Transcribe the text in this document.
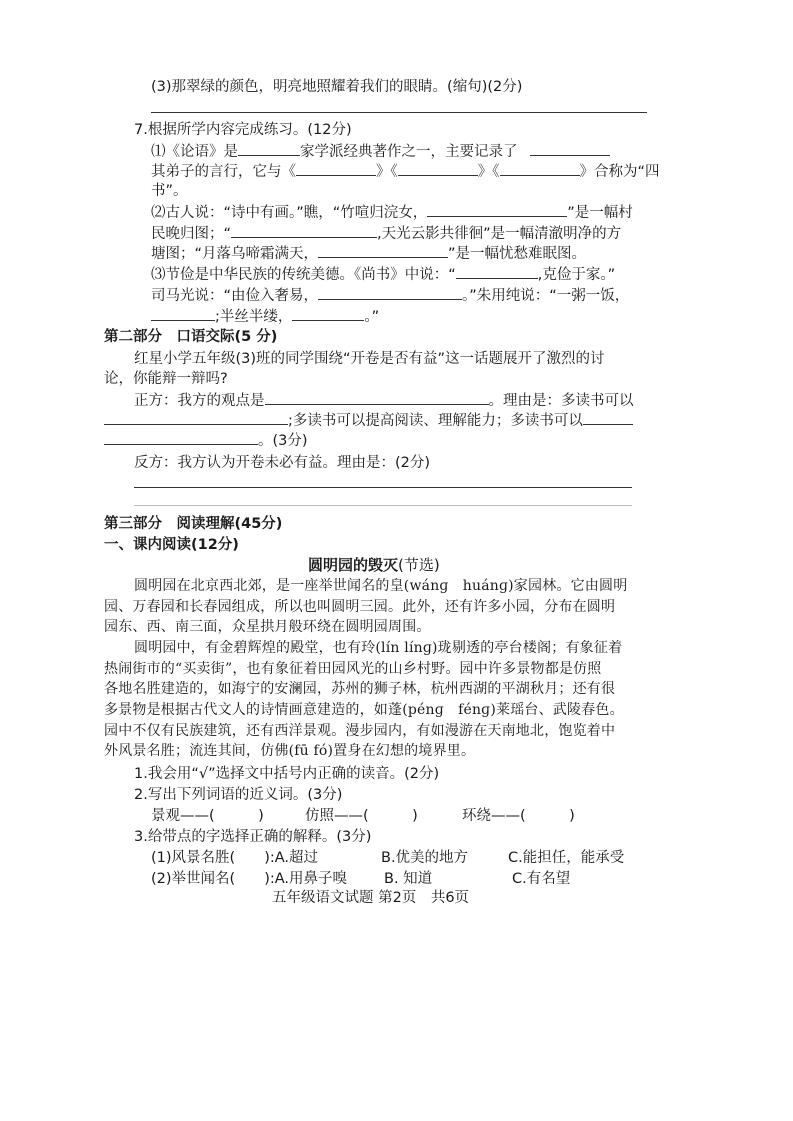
(3)那翠绿的颜色，明亮地照耀着我们的眼睛。(缩句)(2分)
7.根据所学内容完成练习。(12分)
⑴《论语》是	家学派经典著作之一，主要记录了
其弟子的言行，它与《	》《	》《	》合称为“四
书”。
⑵古人说：“诗中有画。”瞧，“竹喧归浣女，	”是一幅村
民晚归图；“	,天光云影共徘徊”是一幅清澈明净的方
塘图；“月落乌啼霜满天，	”是一幅忧愁难眠图。
⑶节俭是中华民族的传统美德。《尚书》中说：“	,克俭于家。”
司马光说：“由俭入奢易，	。”朱用纯说：“一粥一饭，
;半丝半缕，	。”
第二部分　口语交际(5 分)
红星小学五年级(3)班的同学围绕“开卷是否有益”这一话题展开了激烈的讨
论，你能辩一辩吗?
正方：我方的观点是	。理由是：多读书可以
;多读书可以提高阅读、理解能力；多读书可以
。(3分)
反方：我方认为开卷未必有益。理由是：(2分)
第三部分　阅读理解(45分)
一、课内阅读(12分)
圆明园的毁灭(节选)
圆明园在北京西北郊，是一座举世闻名的皇(wánɡ　huánɡ)家园林。它由圆明
园、万春园和长春园组成，所以也叫圆明三园。此外，还有许多小园，分布在圆明
园东、西、南三面，众星拱月般环绕在圆明园周围。
圆明园中，有金碧辉煌的殿堂，也有玲(lín línɡ)珑剔透的亭台楼阁；有象征着
热闹街市的“买卖街”，也有象征着田园风光的山乡村野。园中许多景物都是仿照
各地名胜建造的，如海宁的安澜园，苏州的狮子林，杭州西湖的平湖秋月；还有很
多景物是根据古代文人的诗情画意建造的，如蓬(pénɡ　fénɡ)莱瑶台、武陵春色。
园中不仅有民族建筑，还有西洋景观。漫步园内，有如漫游在天南地北，饱览着中
外风景名胜；流连其间，仿佛(fū fó)置身在幻想的境界里。
1.我会用“√”选择文中括号内正确的读音。(2分)
2.写出下列词语的近义词。(3分)
景观——(　　　)	仿照——(　　　)	环绕——(　　　)
3.给带点的字选择正确的解释。(3分)
(1)风景名胜(　　):A.超过	B.优美的地方	C.能担任，能承受
(2)举世闻名(　　):A.用鼻子嗅	B. 知道	C.有名望
五年级语文试题 第2页　共6页
